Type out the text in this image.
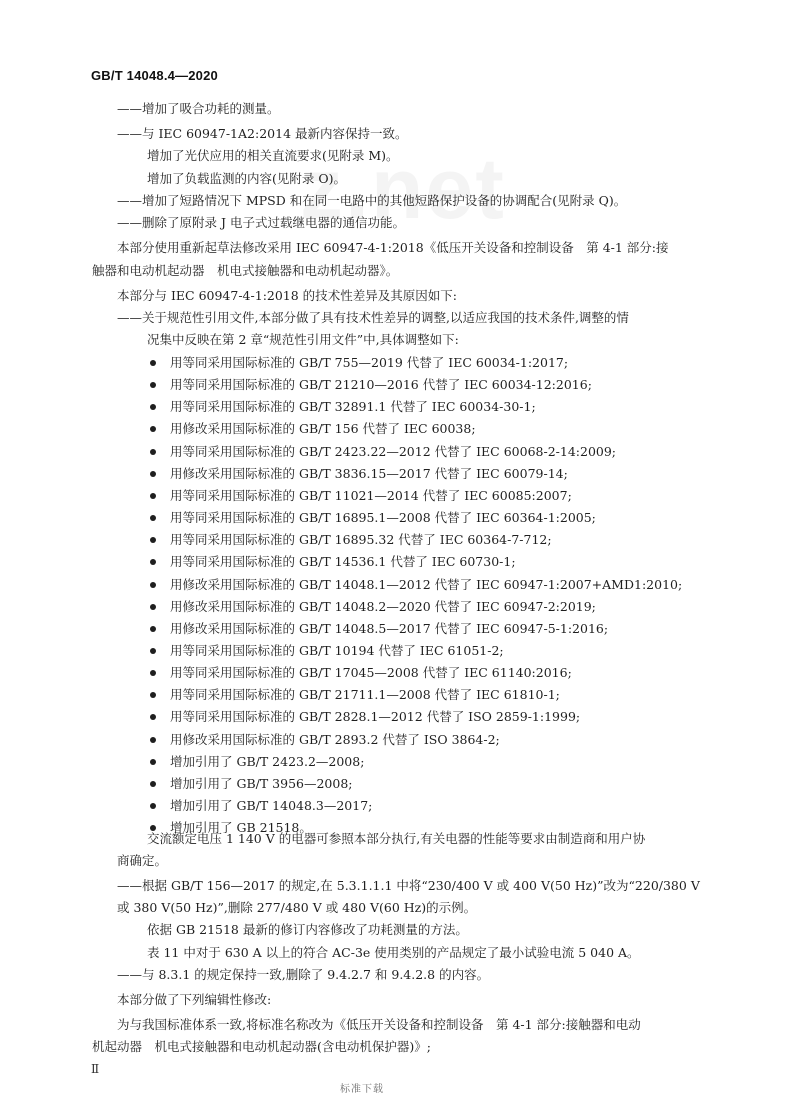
GB/T 14048.4—2020
——增加了吸合功耗的测量。
——与 IEC 60947-1A2:2014 最新内容保持一致。
增加了光伏应用的相关直流要求(见附录 M)。
增加了负载监测的内容(见附录 O)。
——增加了短路情况下 MPSD 和在同一电路中的其他短路保护设备的协调配合(见附录 Q)。
——删除了原附录 J 电子式过载继电器的通信功能。
本部分使用重新起草法修改采用 IEC 60947-4-1:2018《低压开关设备和控制设备　第 4-1 部分:接
触器和电动机起动器　机电式接触器和电动机起动器》。
本部分与 IEC 60947-4-1:2018 的技术性差异及其原因如下:
——关于规范性引用文件,本部分做了具有技术性差异的调整,以适应我国的技术条件,调整的情
况集中反映在第 2 章“规范性引用文件”中,具体调整如下:
用等同采用国际标准的 GB/T 755—2019 代替了 IEC 60034-1:2017;
用等同采用国际标准的 GB/T 21210—2016 代替了 IEC 60034-12:2016;
用等同采用国际标准的 GB/T 32891.1 代替了 IEC 60034-30-1;
用修改采用国际标准的 GB/T 156 代替了 IEC 60038;
用等同采用国际标准的 GB/T 2423.22—2012 代替了 IEC 60068-2-14:2009;
用修改采用国际标准的 GB/T 3836.15—2017 代替了 IEC 60079-14;
用等同采用国际标准的 GB/T 11021—2014 代替了 IEC 60085:2007;
用等同采用国际标准的 GB/T 16895.1—2008 代替了 IEC 60364-1:2005;
用等同采用国际标准的 GB/T 16895.32 代替了 IEC 60364-7-712;
用等同采用国际标准的 GB/T 14536.1 代替了 IEC 60730-1;
用修改采用国际标准的 GB/T 14048.1—2012 代替了 IEC 60947-1:2007+AMD1:2010;
用修改采用国际标准的 GB/T 14048.2—2020 代替了 IEC 60947-2:2019;
用修改采用国际标准的 GB/T 14048.5—2017 代替了 IEC 60947-5-1:2016;
用等同采用国际标准的 GB/T 10194 代替了 IEC 61051-2;
用等同采用国际标准的 GB/T 17045—2008 代替了 IEC 61140:2016;
用等同采用国际标准的 GB/T 21711.1—2008 代替了 IEC 61810-1;
用等同采用国际标准的 GB/T 2828.1—2012 代替了 ISO 2859-1:1999;
用修改采用国际标准的 GB/T 2893.2 代替了 ISO 3864-2;
增加引用了 GB/T 2423.2—2008;
增加引用了 GB/T 3956—2008;
增加引用了 GB/T 14048.3—2017;
增加引用了 GB 21518。
交流额定电压 1 140 V 的电器可参照本部分执行,有关电器的性能等要求由制造商和用户协
商确定。
——根据 GB/T 156—2017 的规定,在 5.3.1.1.1 中将“230/400 V 或 400 V(50 Hz)”改为“220/380 V
或 380 V(50 Hz)”,删除 277/480 V 或 480 V(60 Hz)的示例。
依据 GB 21518 最新的修订内容修改了功耗测量的方法。
表 11 中对于 630 A 以上的符合 AC-3e 使用类别的产品规定了最小试验电流 5 040 A。
——与 8.3.1 的规定保持一致,删除了 9.4.2.7 和 9.4.2.8 的内容。
本部分做了下列编辑性修改:
为与我国标准体系一致,将标准名称改为《低压开关设备和控制设备　第 4-1 部分:接触器和电动
机起动器　机电式接触器和电动机起动器(含电动机保护器)》;
Ⅱ
标准下载
